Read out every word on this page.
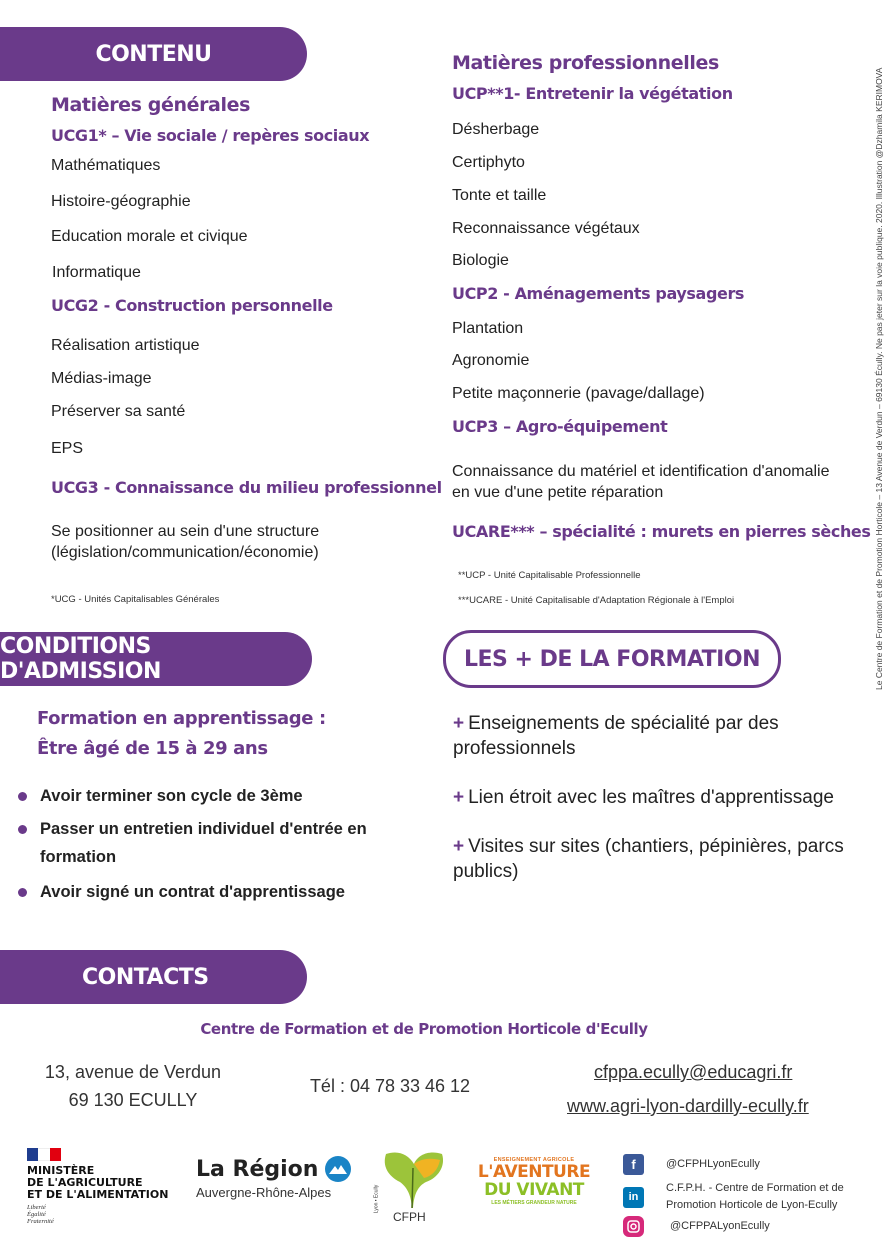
CONTENU
Matières générales
UCG1* – Vie sociale / repères sociaux
Mathématiques
Histoire-géographie
Education morale et civique
Informatique
UCG2 - Construction personnelle
Réalisation artistique
Médias-image
Préserver sa santé
EPS
UCG3 - Connaissance du milieu professionnel
Se positionner au sein d'une structure
(législation/communication/économie)
*UCG - Unités Capitalisables Générales
Matières professionnelles
UCP**1- Entretenir la végétation
Désherbage
Certiphyto
Tonte et taille
Reconnaissance végétaux
Biologie
UCP2 - Aménagements paysagers
Plantation
Agronomie
Petite maçonnerie (pavage/dallage)
UCP3 – Agro-équipement
Connaissance du matériel et identification d'anomalie
en vue d'une petite réparation
UCARE*** – spécialité : murets en pierres sèches
**UCP - Unité Capitalisable Professionnelle
***UCARE - Unité Capitalisable d'Adaptation Régionale à l'Emploi
CONDITIONS D'ADMISSION
Formation en apprentissage :
Être âgé de 15 à 29 ans
Avoir terminer son cycle de 3ème
Passer un entretien individuel d'entrée en
formation
Avoir signé un contrat d'apprentissage
LES + DE LA FORMATION
+ Enseignements de spécialité par des
professionnels
+ Lien étroit avec les maîtres d'apprentissage
+ Visites sur sites (chantiers, pépinières, parcs
publics)
CONTACTS
Centre de Formation et de Promotion Horticole d'Ecully
13, avenue de Verdun
69 130 ECULLY
Tél : 04 78 33 46 12
cfppa.ecully@educagri.fr
www.agri-lyon-dardilly-ecully.fr
MINISTÈRE
DE L'AGRICULTURE
ET DE L'ALIMENTATION
Liberté
Égalité
Fraternité
La Région
Auvergne-Rhône-Alpes	Lyon • Ecully
CFPH
ENSEIGNEMENT AGRICOLE
L'AVENTURE
DU VIVANT
LES MÉTIERS GRANDEUR NATURE
f	@CFPHLyonEcully
in
C.F.P.H. - Centre de Formation et de
Promotion Horticole de Lyon-Ecully
@CFPPALyonEcully
Le Centre de Formation et de Promotion Horticole – 13 Avenue de Verdun – 69130 Écully. Ne pas jeter sur la voie publique. 2020. Illustration @Dzhamila KERIMOVA
